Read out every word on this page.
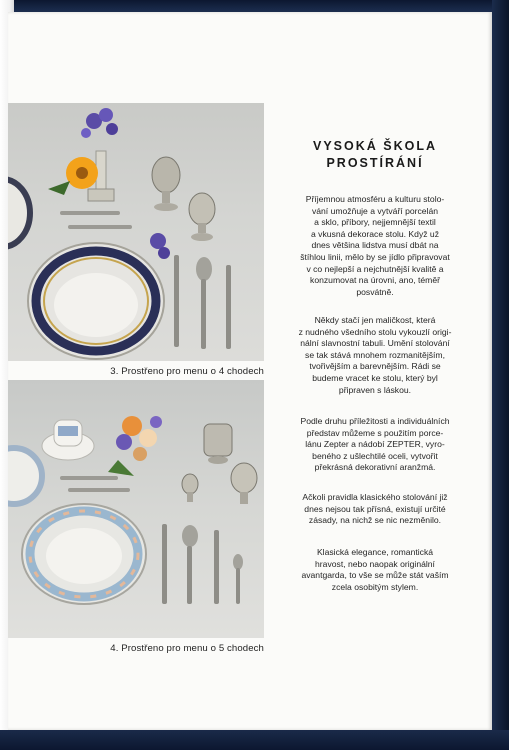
3. Prostřeno pro menu o 4 chodech
4. Prostřeno pro menu o 5 chodech
VYSOKÁ ŠKOLA
PROSTÍRÁNÍ
Příjemnou atmosféru a kulturu stolo-
vání umožňuje a vytváří porcelán
a sklo, příbory, nejjemnější textil
a vkusná dekorace stolu. Když už
dnes většina lidstva musí dbát na
štíhlou linii, mělo by se jídlo připravovat
v co nejlepší a nejchutnější kvalitě a
konzumovat na úrovni, ano, téměř
posvátně.
Někdy stačí jen maličkost, která
z nudného všedního stolu vykouzlí origi-
nální slavnostní tabuli. Umění stolování
se tak stává mnohem rozmanitějším,
tvořivějším a barevnějším. Rádi se
budeme vracet ke stolu, který byl
připraven s láskou.
Podle druhu příležitosti a individuálních
představ můžeme s použitím porce-
lánu Zepter a nádobí ZEPTER, vyro-
beného z ušlechtilé oceli, vytvořit
překrásná dekorativní aranžmá.
Ačkoli pravidla klasického stolování již
dnes nejsou tak přísná, existují určité
zásady, na nichž se nic nezměnilo.
Klasická elegance, romantická
hravost, nebo naopak originální
avantgarda, to vše se může stát vaším
zcela osobitým stylem.
